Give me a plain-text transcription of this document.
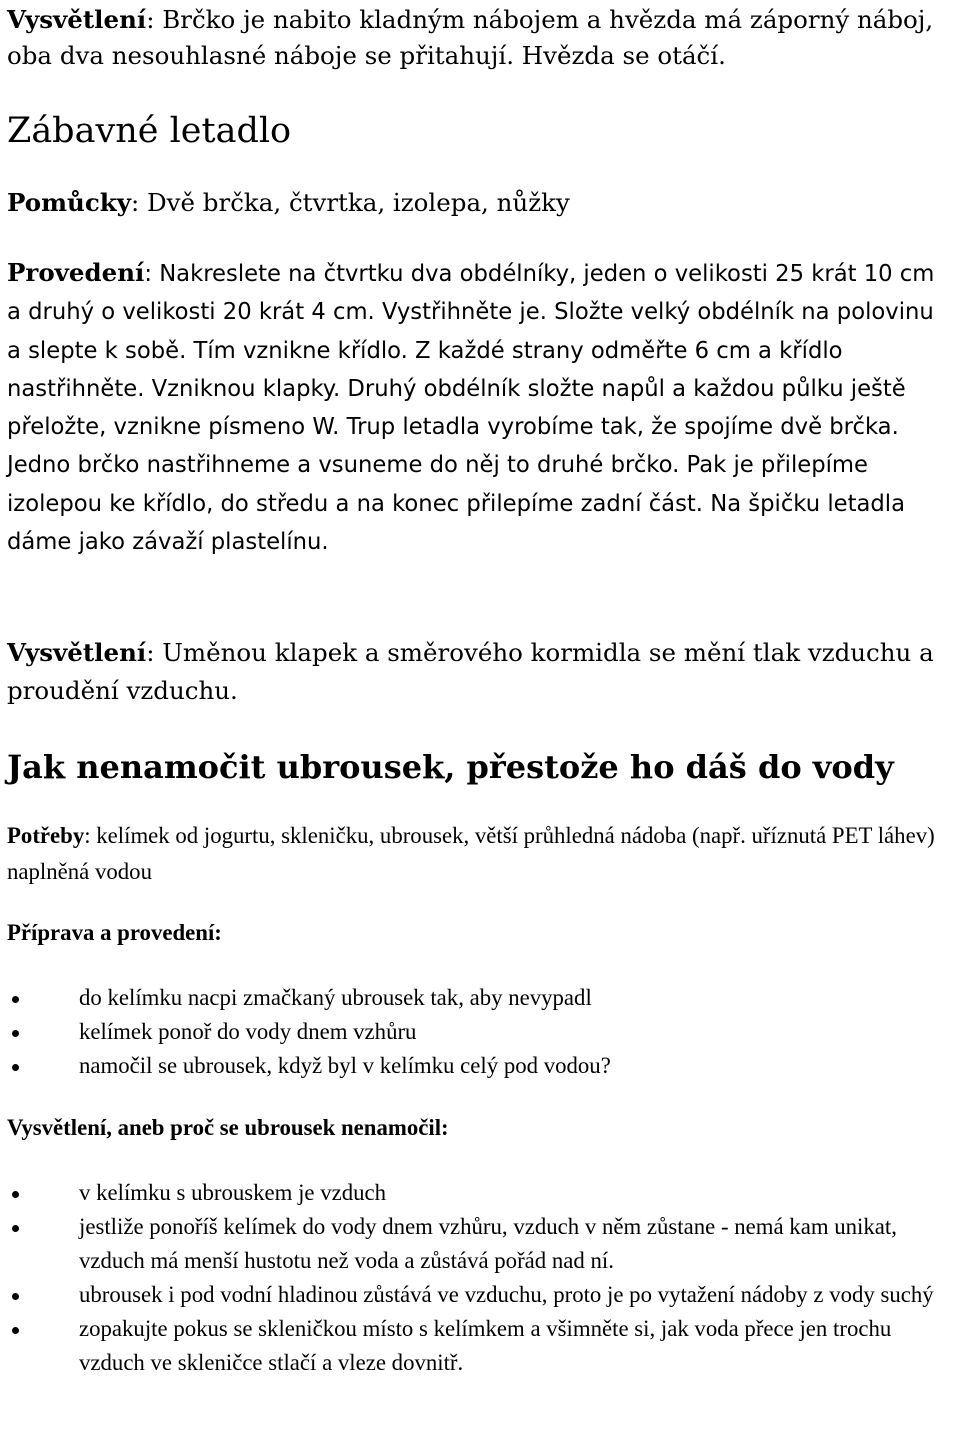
Vysvětlení: Brčko je nabito kladným nábojem a hvězda má záporný náboj, oba dva nesouhlasné náboje se přitahují. Hvězda se otáčí.
Zábavné letadlo
Pomůcky: Dvě brčka, čtvrtka, izolepa, nůžky
Provedení: Nakreslete na čtvrtku dva obdélníky, jeden o velikosti 25 krát 10 cm a druhý o velikosti 20 krát 4 cm. Vystřihněte je. Složte velký obdélník na polovinu a slepte k sobě. Tím vznikne křídlo. Z každé strany odměřte 6 cm a křídlo nastřihněte. Vzniknou klapky. Druhý obdélník složte napůl a každou půlku ještě přeložte, vznikne písmeno W. Trup letadla vyrobíme tak, že spojíme dvě brčka. Jedno brčko nastřihneme a vsuneme do něj to druhé brčko. Pak je přilepíme izolepou ke křídlo, do středu a na konec přilepíme zadní část. Na špičku letadla dáme jako závaží plastelínu.
Vysvětlení: Uměnou klapek a směrového kormidla se mění tlak vzduchu a proudění vzduchu.
Jak nenamočit ubrousek, přestože ho dáš do vody
Potřeby: kelímek od jogurtu, skleničku, ubrousek, větší průhledná nádoba (např. uříznutá PET láhev) naplněná vodou
Příprava a provedení:
do kelímku nacpi zmačkaný ubrousek tak, aby nevypadl
kelímek ponoř do vody dnem vzhůru
namočil se ubrousek, když byl v kelímku celý pod vodou?
Vysvětlení, aneb proč se ubrousek nenamočil:
v kelímku s ubrouskem je vzduch
jestliže ponoříš kelímek do vody dnem vzhůru, vzduch v něm zůstane - nemá kam unikat, vzduch má menší hustotu než voda a zůstává pořád nad ní.
ubrousek i pod vodní hladinou zůstává ve vzduchu, proto je po vytažení nádoby z vody suchý
zopakujte pokus se skleničkou místo s kelímkem a všimněte si, jak voda přece jen trochu vzduch ve skleničce stlačí a vleze dovnitř.
